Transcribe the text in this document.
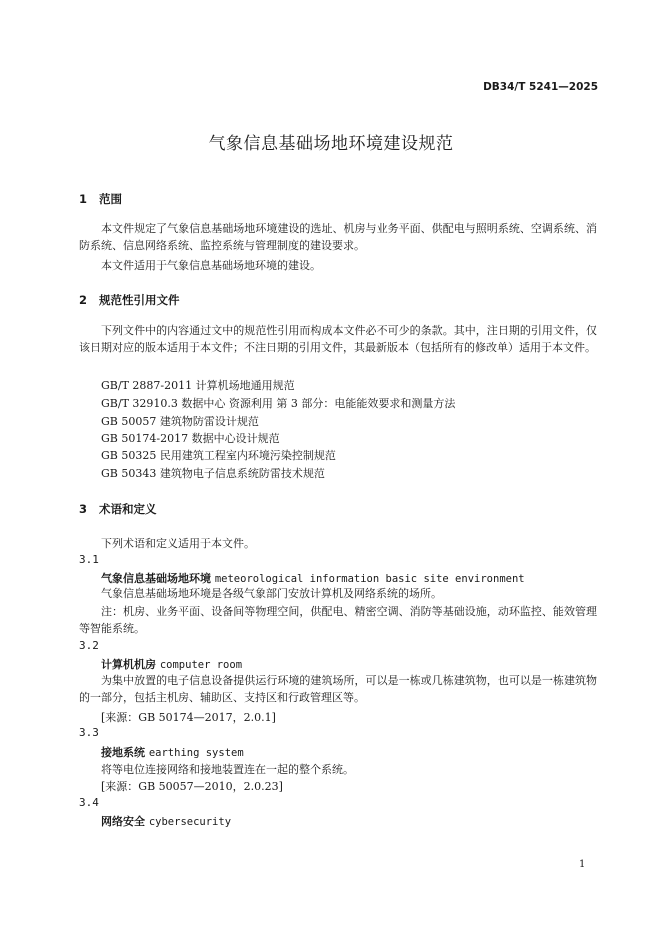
DB34/T 5241—2025
气象信息基础场地环境建设规范
1 范围
本文件规定了气象信息基础场地环境建设的选址、机房与业务平面、供配电与照明系统、空调系统、消防系统、信息网络系统、监控系统与管理制度的建设要求。
本文件适用于气象信息基础场地环境的建设。
2 规范性引用文件
下列文件中的内容通过文中的规范性引用而构成本文件必不可少的条款。其中，注日期的引用文件，仅该日期对应的版本适用于本文件；不注日期的引用文件，其最新版本（包括所有的修改单）适用于本文件。
GB/T 2887-2011 计算机场地通用规范
GB/T 32910.3 数据中心 资源利用 第 3 部分：电能能效要求和测量方法
GB 50057 建筑物防雷设计规范
GB 50174-2017 数据中心设计规范
GB 50325 民用建筑工程室内环境污染控制规范
GB 50343 建筑物电子信息系统防雷技术规范
3 术语和定义
下列术语和定义适用于本文件。
3.1
气象信息基础场地环境 meteorological information basic site environment
气象信息基础场地环境是各级气象部门安放计算机及网络系统的场所。
注：机房、业务平面、设备间等物理空间，供配电、精密空调、消防等基础设施，动环监控、能效管理等智能系统。
3.2
计算机机房 computer room
为集中放置的电子信息设备提供运行环境的建筑场所，可以是一栋或几栋建筑物，也可以是一栋建筑物的一部分，包括主机房、辅助区、支持区和行政管理区等。
[来源：GB 50174—2017，2.0.1]
3.3
接地系统 earthing system
将等电位连接网络和接地装置连在一起的整个系统。
[来源：GB 50057—2010，2.0.23]
3.4
网络安全 cybersecurity
1
